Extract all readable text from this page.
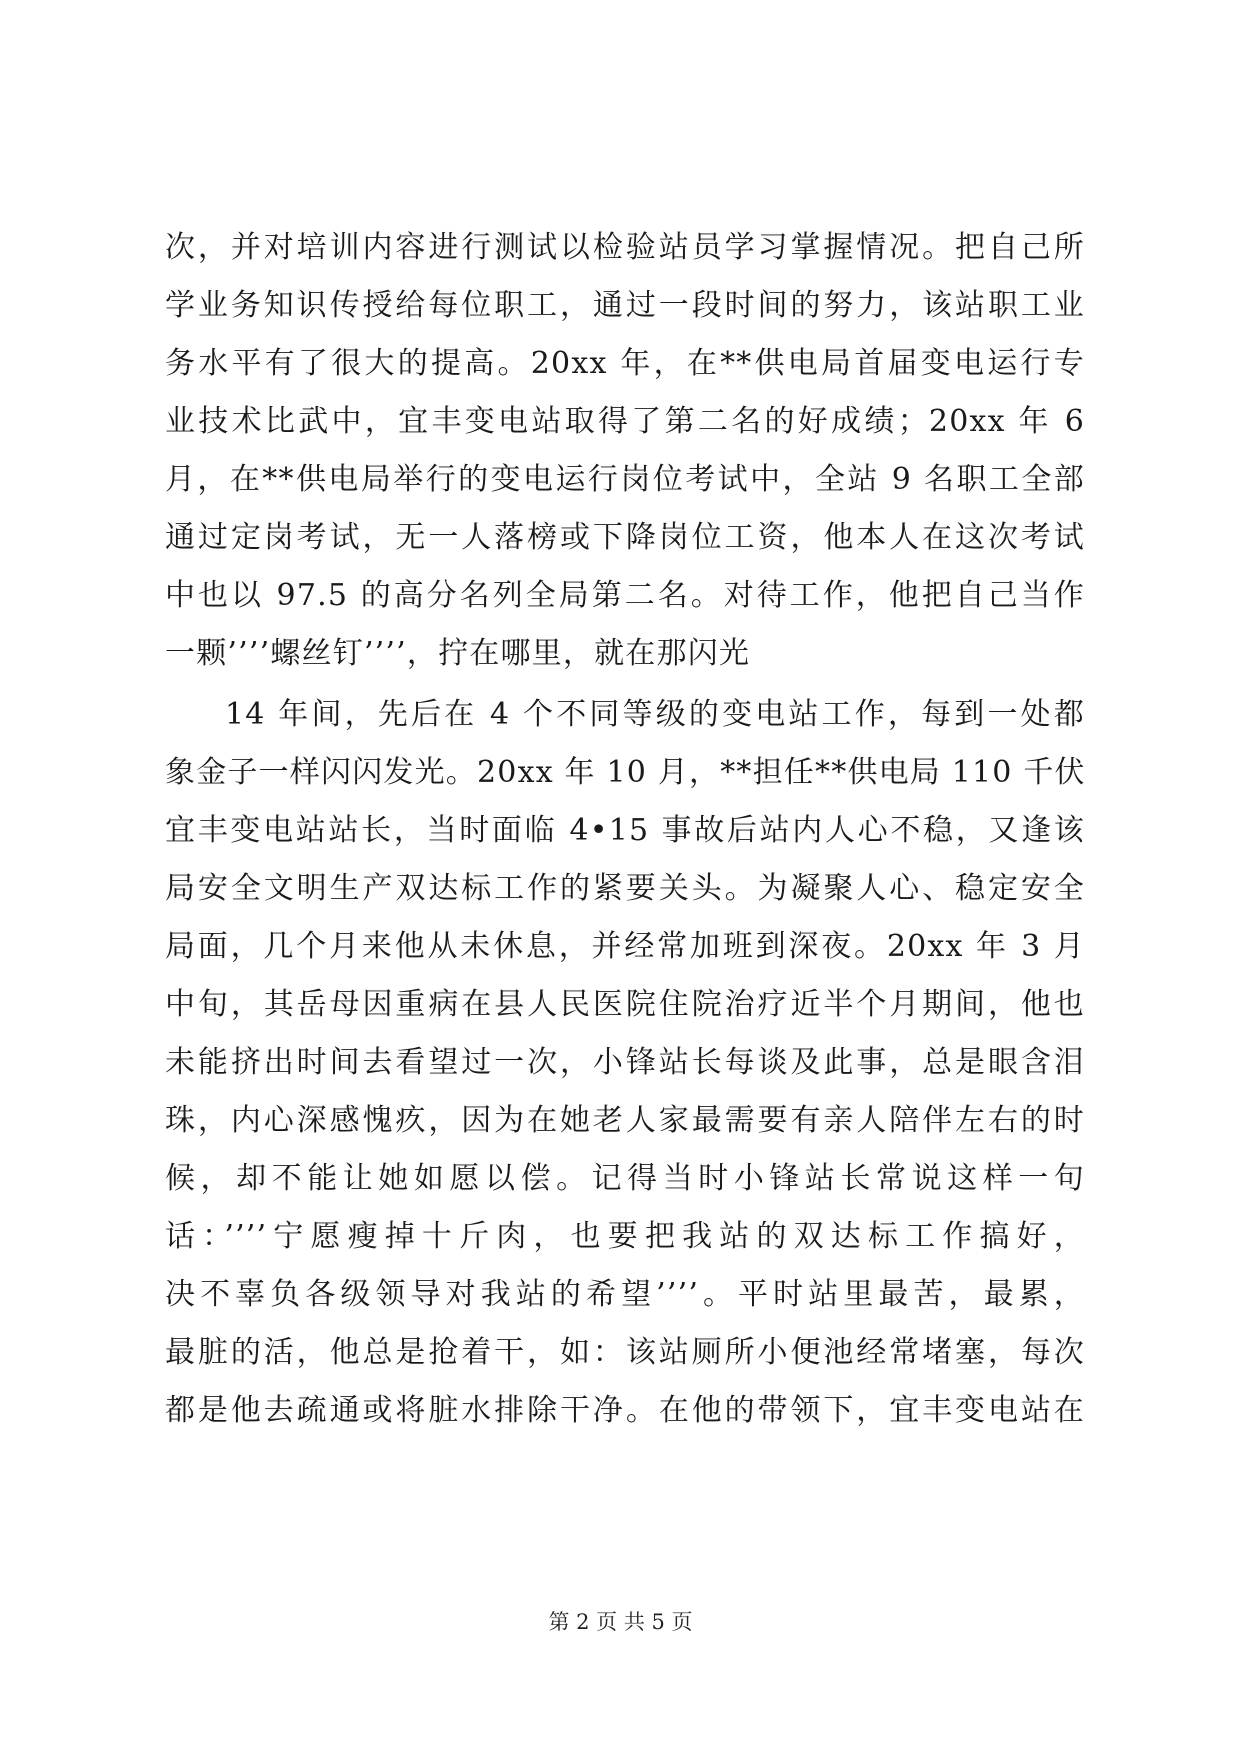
次，并对培训内容进行测试以检验站员学习掌握情况。把自己所
学业务知识传授给每位职工，通过一段时间的努力，该站职工业
务水平有了很大的提高。20xx 年，在**供电局首届变电运行专
业技术比武中，宜丰变电站取得了第二名的好成绩；20xx 年 6
月，在**供电局举行的变电运行岗位考试中，全站 9 名职工全部
通过定岗考试，无一人落榜或下降岗位工资，他本人在这次考试
中也以 97.5 的高分名列全局第二名。对待工作，他把自己当作
一颗’’’’螺丝钉’’’’，拧在哪里，就在那闪光
14 年间，先后在 4 个不同等级的变电站工作，每到一处都
象金子一样闪闪发光。20xx 年 10 月，**担任**供电局 110 千伏
宜丰变电站站长，当时面临 4•15 事故后站内人心不稳，又逢该
局安全文明生产双达标工作的紧要关头。为凝聚人心、稳定安全
局面，几个月来他从未休息，并经常加班到深夜。20xx 年 3 月
中旬，其岳母因重病在县人民医院住院治疗近半个月期间，他也
未能挤出时间去看望过一次，小锋站长每谈及此事，总是眼含泪
珠，内心深感愧疚，因为在她老人家最需要有亲人陪伴左右的时
候，却不能让她如愿以偿。记得当时小锋站长常说这样一句
话：’’’’宁愿瘦掉十斤肉，也要把我站的双达标工作搞好，
决不辜负各级领导对我站的希望’’’’。平时站里最苦，最累，
最脏的活，他总是抢着干，如：该站厕所小便池经常堵塞，每次
都是他去疏通或将脏水排除干净。在他的带领下，宜丰变电站在
第 2 页 共 5 页
